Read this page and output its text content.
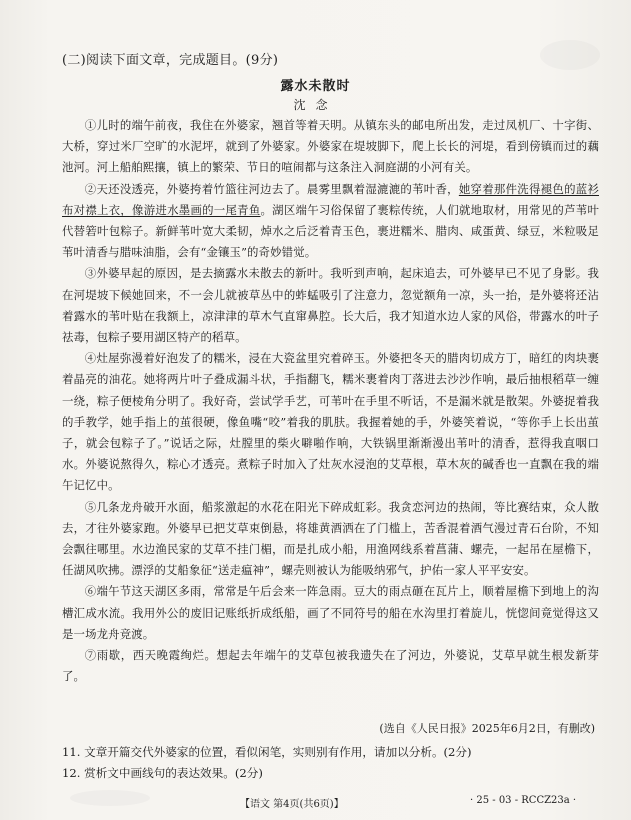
(二)阅读下面文章，完成题目。(9分)
露水未散时
沈念

①儿时的端午前夜，我住在外婆家，翘首等着天明。从镇东头的邮电所出发，走过凤机厂、十字街、大桥，穿过米厂空旷的水泥坪，就到了外婆家。外婆家在堤坡脚下，爬上长长的河堤，看到傍镇而过的藕池河。河上船舶熙攘，镇上的繁荣、节日的喧闹都与这条注入洞庭湖的小河有关。

②天还没透亮，外婆挎着竹篮往河边去了。晨雾里飘着湿漉漉的苇叶香，她穿着那件洗得褪色的蓝衫布对襟上衣，像游进水墨画的一尾青鱼。湖区端午习俗保留了裹粽传统，人们就地取材，用常见的芦苇叶代替箬叶包粽子。新鲜苇叶宽大柔韧，焯水之后泛着青玉色，裹进糯米、腊肉、咸蛋黄、绿豆，米粒吸足苇叶清香与腊味油脂，会有“金镶玉”的奇妙错觉。

③外婆早起的原因，是去摘露水未散去的新叶。我听到声响，起床追去，可外婆早已不见了身影。我在河堤坡下候她回来，不一会儿就被草丛中的蚱蜢吸引了注意力，忽觉额角一凉，头一抬，是外婆将还沾着露水的苇叶贴在我额上，凉津津的草木气直窜鼻腔。长大后，我才知道水边人家的风俗，带露水的叶子祛毒，包粽子要用湖区特产的稻草。

④灶屋弥漫着好泡发了的糯米，浸在大瓷盆里究着碎玉。外婆把冬天的腊肉切成方丁，暗红的肉块裹着晶亮的油花。她将两片叶子叠成漏斗状，手指翻飞，糯米裹着肉丁落进去沙沙作响，最后抽根稻草一缠一绕，粽子便棱角分明了。我好奇，尝试学手艺，可苇叶在手里不听话，不是漏米就是散架。外婆捉着我的手教学，她手指上的茧很硬，像鱼嘴“咬”着我的肌肤。我握着她的手，外婆笑着说，“等你手上长出茧子，就会包粽子了。”说话之际，灶膛里的柴火噼啪作响，大铁锅里渐渐漫出苇叶的清香，惹得我直咽口水。外婆说熬得久，粽心才透亮。煮粽子时加入了灶灰水浸泡的艾草根，草木灰的碱香也一直飘在我的端午记忆中。

⑤几条龙舟破开水面，船浆激起的水花在阳光下碎成虹彩。我贪恋河边的热闹，等比赛结束，众人散去，才往外婆家跑。外婆早已把艾草束倒悬，将雄黄酒洒在了门槛上，苦香混着酒气漫过青石台阶，不知会飘往哪里。水边渔民家的艾草不挂门楣，而是扎成小船，用渔网线系着菖蒲、螺壳，一起吊在屋檐下，任湖风吹拂。漂浮的艾船象征“送走瘟神”，螺壳则被认为能吸纳邪气，护佑一家人平平安安。

⑥端午节这天湖区多雨，常常是午后会来一阵急雨。豆大的雨点砸在瓦片上，顺着屋檐下到地上的沟槽汇成水流。我用外公的废旧记账纸折成纸船，画了不同符号的船在水沟里打着旋儿，恍惚间竟觉得这又是一场龙舟竞渡。

⑦雨歇，西天晚霞绚烂。想起去年端午的艾草包被我遗失在了河边，外婆说，艾草早就生根发新芽了。

(选自《人民日报》2025年6月2日，有删改)
11. 文章开篇交代外婆家的位置，看似闲笔，实则别有作用，请加以分析。(2分)
12. 赏析文中画线句的表达效果。(2分)
【语文 第4页(共6页)】	· 25 - 03 - RCCZ23a ·
